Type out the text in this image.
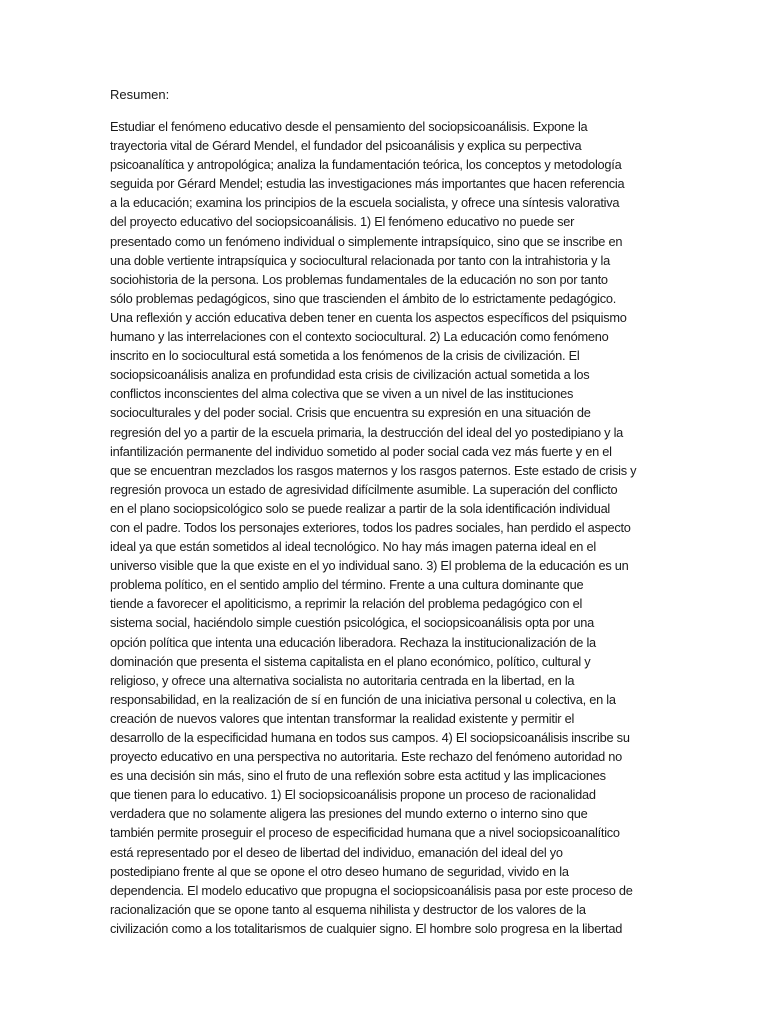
Resumen:
Estudiar el fenómeno educativo desde el pensamiento del sociopsicoanálisis. Expone la
trayectoria vital de Gérard Mendel, el fundador del psicoanálisis y explica su perpectiva
psicoanalítica y antropológica; analiza la fundamentación teórica, los conceptos y metodología
seguida por Gérard Mendel; estudia las investigaciones más importantes que hacen referencia
a la educación; examina los principios de la escuela socialista, y ofrece una síntesis valorativa
del proyecto educativo del sociopsicoanálisis. 1) El fenómeno educativo no puede ser
presentado como un fenómeno individual o simplemente intrapsíquico, sino que se inscribe en
una doble vertiente intrapsíquica y sociocultural relacionada por tanto con la intrahistoria y la
sociohistoria de la persona. Los problemas fundamentales de la educación no son por tanto
sólo problemas pedagógicos, sino que trascienden el ámbito de lo estrictamente pedagógico.
Una reflexión y acción educativa deben tener en cuenta los aspectos específicos del psiquismo
humano y las interrelaciones con el contexto sociocultural. 2) La educación como fenómeno
inscrito en lo sociocultural está sometida a los fenómenos de la crisis de civilización. El
sociopsicoanálisis analiza en profundidad esta crisis de civilización actual sometida a los
conflictos inconscientes del alma colectiva que se viven a un nivel de las instituciones
socioculturales y del poder social. Crisis que encuentra su expresión en una situación de
regresión del yo a partir de la escuela primaria, la destrucción del ideal del yo postedipiano y la
infantilización permanente del individuo sometido al poder social cada vez más fuerte y en el
que se encuentran mezclados los rasgos maternos y los rasgos paternos. Este estado de crisis y
regresión provoca un estado de agresividad difícilmente asumible. La superación del conflicto
en el plano sociopsicológico solo se puede realizar a partir de la sola identificación individual
con el padre. Todos los personajes exteriores, todos los padres sociales, han perdido el aspecto
ideal ya que están sometidos al ideal tecnológico. No hay más imagen paterna ideal en el
universo visible que la que existe en el yo individual sano. 3) El problema de la educación es un
problema político, en el sentido amplio del término. Frente a una cultura dominante que
tiende a favorecer el apoliticismo, a reprimir la relación del problema pedagógico con el
sistema social, haciéndolo simple cuestión psicológica, el sociopsicoanálisis opta por una
opción política que intenta una educación liberadora. Rechaza la institucionalización de la
dominación que presenta el sistema capitalista en el plano económico, político, cultural y
religioso, y ofrece una alternativa socialista no autoritaria centrada en la libertad, en la
responsabilidad, en la realización de sí en función de una iniciativa personal u colectiva, en la
creación de nuevos valores que intentan transformar la realidad existente y permitir el
desarrollo de la especificidad humana en todos sus campos. 4) El sociopsicoanálisis inscribe su
proyecto educativo en una perspectiva no autoritaria. Este rechazo del fenómeno autoridad no
es una decisión sin más, sino el fruto de una reflexión sobre esta actitud y las implicaciones
que tienen para lo educativo. 1) El sociopsicoanálisis propone un proceso de racionalidad
verdadera que no solamente aligera las presiones del mundo externo o interno sino que
también permite proseguir el proceso de especificidad humana que a nivel sociopsicoanalítico
está representado por el deseo de libertad del individuo, emanación del ideal del yo
postedipiano frente al que se opone el otro deseo humano de seguridad, vivido en la
dependencia. El modelo educativo que propugna el sociopsicoanálisis pasa por este proceso de
racionalización que se opone tanto al esquema nihilista y destructor de los valores de la
civilización como a los totalitarismos de cualquier signo. El hombre solo progresa en la libertad
